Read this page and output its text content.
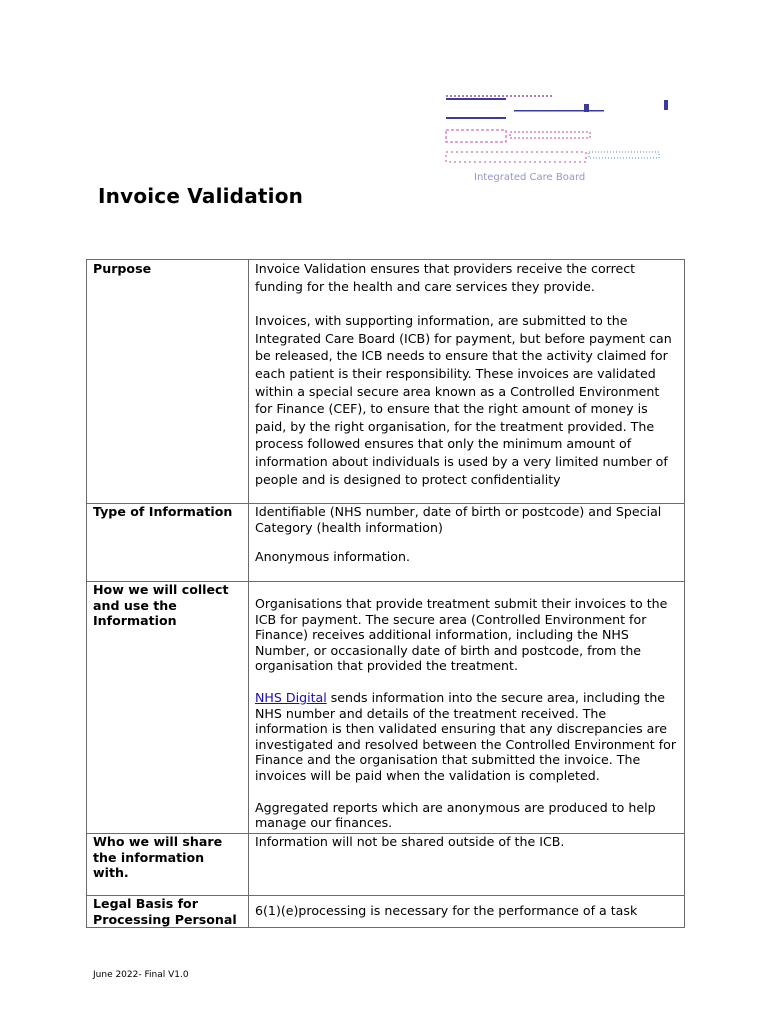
Integrated Care Board
Invoice Validation
Purpose	Invoice Validation ensures that providers receive the correct funding for the health and care services they provide.

Invoices, with supporting information, are submitted to the Integrated Care Board (ICB) for payment, but before payment can be released, the ICB needs to ensure that the activity claimed for each patient is their responsibility. These invoices are validated within a special secure area known as a Controlled Environment for Finance (CEF), to ensure that the right amount of money is paid, by the right organisation, for the treatment provided. The process followed ensures that only the minimum amount of information about individuals is used by a very limited number of people and is designed to protect confidentiality

Type of Information	Identifiable (NHS number, date of birth or postcode) and Special Category (health information)

Anonymous information.

How we will collect and use the Information	Organisations that provide treatment submit their invoices to the ICB for payment. The secure area (Controlled Environment for Finance) receives additional information, including the NHS Number, or occasionally date of birth and postcode, from the organisation that provided the treatment.

NHS Digital sends information into the secure area, including the NHS number and details of the treatment received. The information is then validated ensuring that any discrepancies are investigated and resolved between the Controlled Environment for Finance and the organisation that submitted the invoice. The invoices will be paid when the validation is completed.

Aggregated reports which are anonymous are produced to help manage our finances.

Who we will share the information with.	Information will not be shared outside of the ICB.

Legal Basis for Processing Personal	6(1)(e)processing is necessary for the performance of a task

June 2022- Final V1.0
